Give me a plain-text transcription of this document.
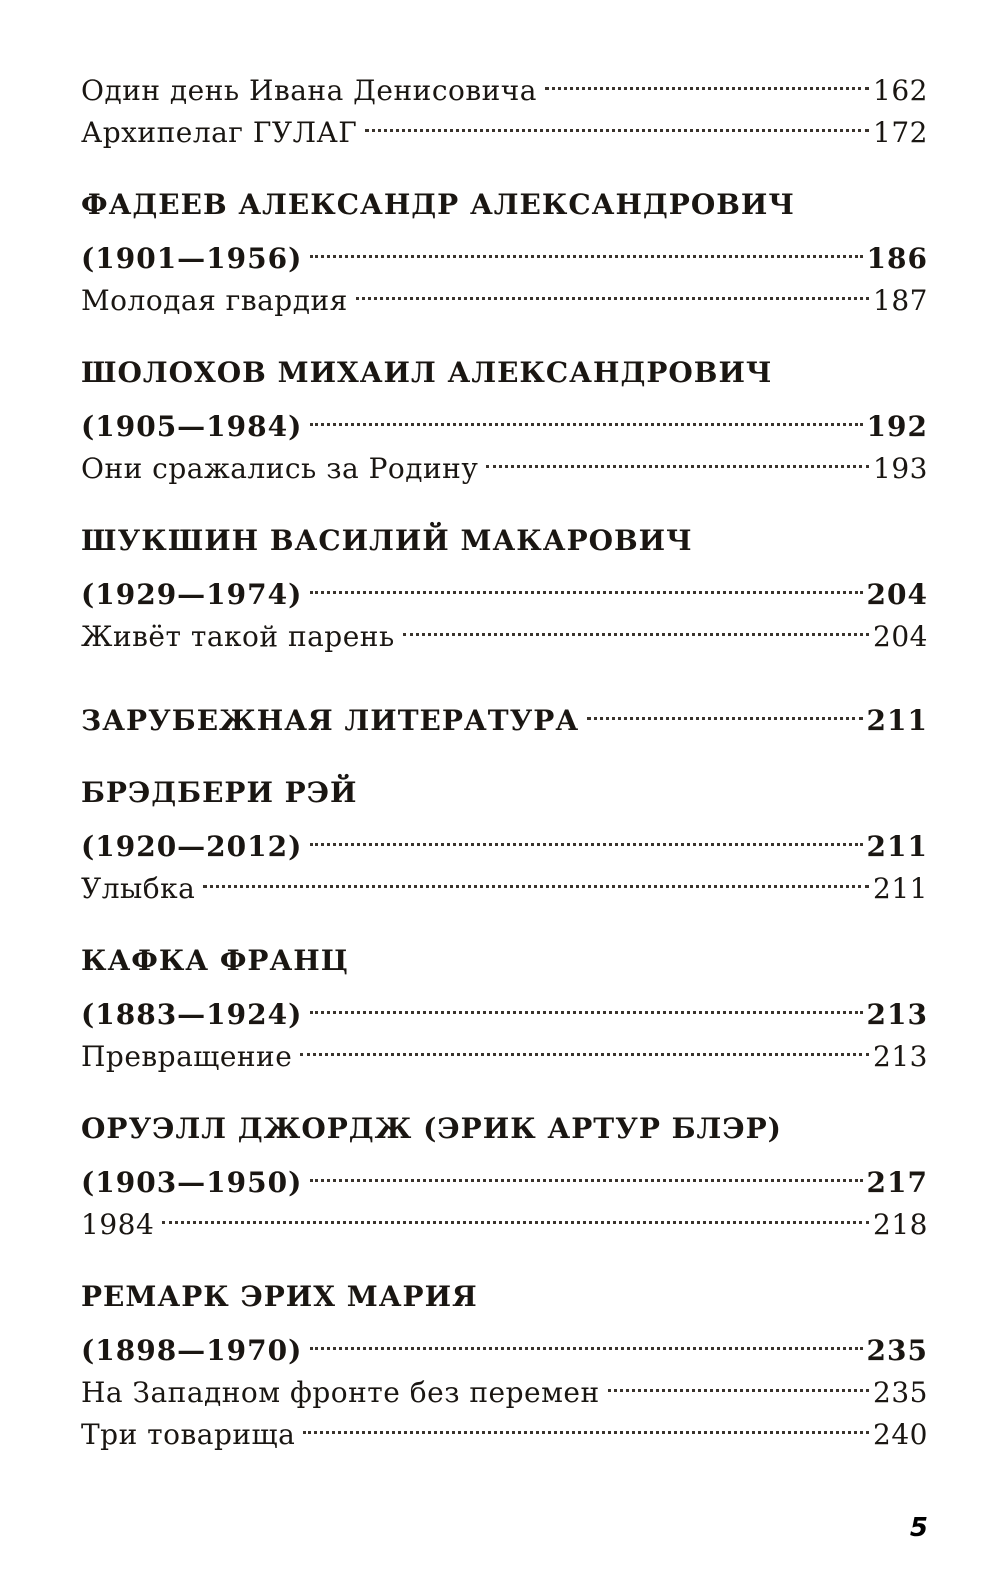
Один день Ивана Денисовича	162
Архипелаг ГУЛАГ	172
ФАДЕЕВ АЛЕКСАНДР АЛЕКСАНДРОВИЧ
(1901—1956)	186
Молодая гвардия	187
ШОЛОХОВ МИХАИЛ АЛЕКСАНДРОВИЧ
(1905—1984)	192
Они сражались за Родину	193
ШУКШИН ВАСИЛИЙ МАКАРОВИЧ
(1929—1974)	204
Живёт такой парень	204
ЗАРУБЕЖНАЯ ЛИТЕРАТУРА	211
БРЭДБЕРИ РЭЙ
(1920—2012)	211
Улыбка	211
КАФКА ФРАНЦ
(1883—1924)	213
Превращение	213
ОРУЭЛЛ ДЖОРДЖ (ЭРИК АРТУР БЛЭР)
(1903—1950)	217
1984	218
РЕМАРК ЭРИХ МАРИЯ
(1898—1970)	235
На Западном фронте без перемен	235
Три товарища	240
5
